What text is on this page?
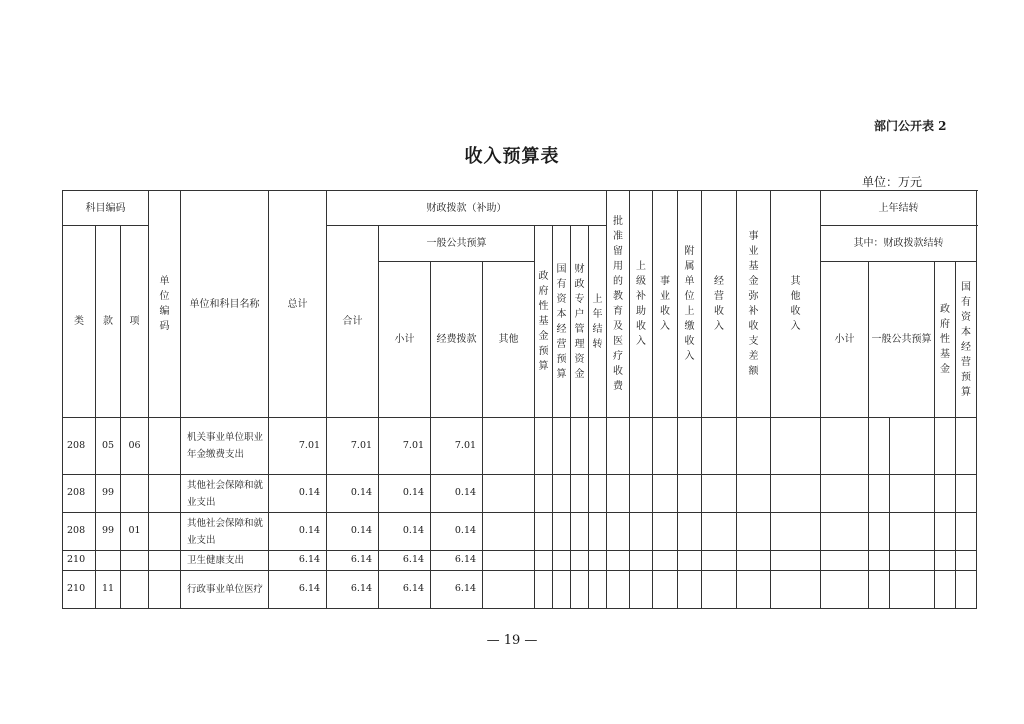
部门公开表 2
收入预算表
单位：万元
科目编码			单位编码	单位和科目名称	总计	财政拨款（补助）								批准留用的教育及医疗收费	上级补助收入	事业收入	附属单位上缴收入	经营收入	事业基金弥补收支差额	其他收入	上年结转				
类	款	项				合计	一般公共预算			政府性基金预算	国有资本经营预算	财政专户管理资金	上年结转								其中：财政拨款结转				
							小计	经费拨款	其他												小计	一般公共预算		政府性基金	国有资本经营预算

208	05	06		机关事业单位职业年金缴费支出	7.01	7.01	7.01	7.01																	
208	99			其他社会保障和就业支出	0.14	0.14	0.14	0.14																	
208	99	01		其他社会保障和就业支出	0.14	0.14	0.14	0.14																	
210				卫生健康支出	6.14	6.14	6.14	6.14																	
210	11			行政事业单位医疗	6.14	6.14	6.14	6.14																	
— 19 —
